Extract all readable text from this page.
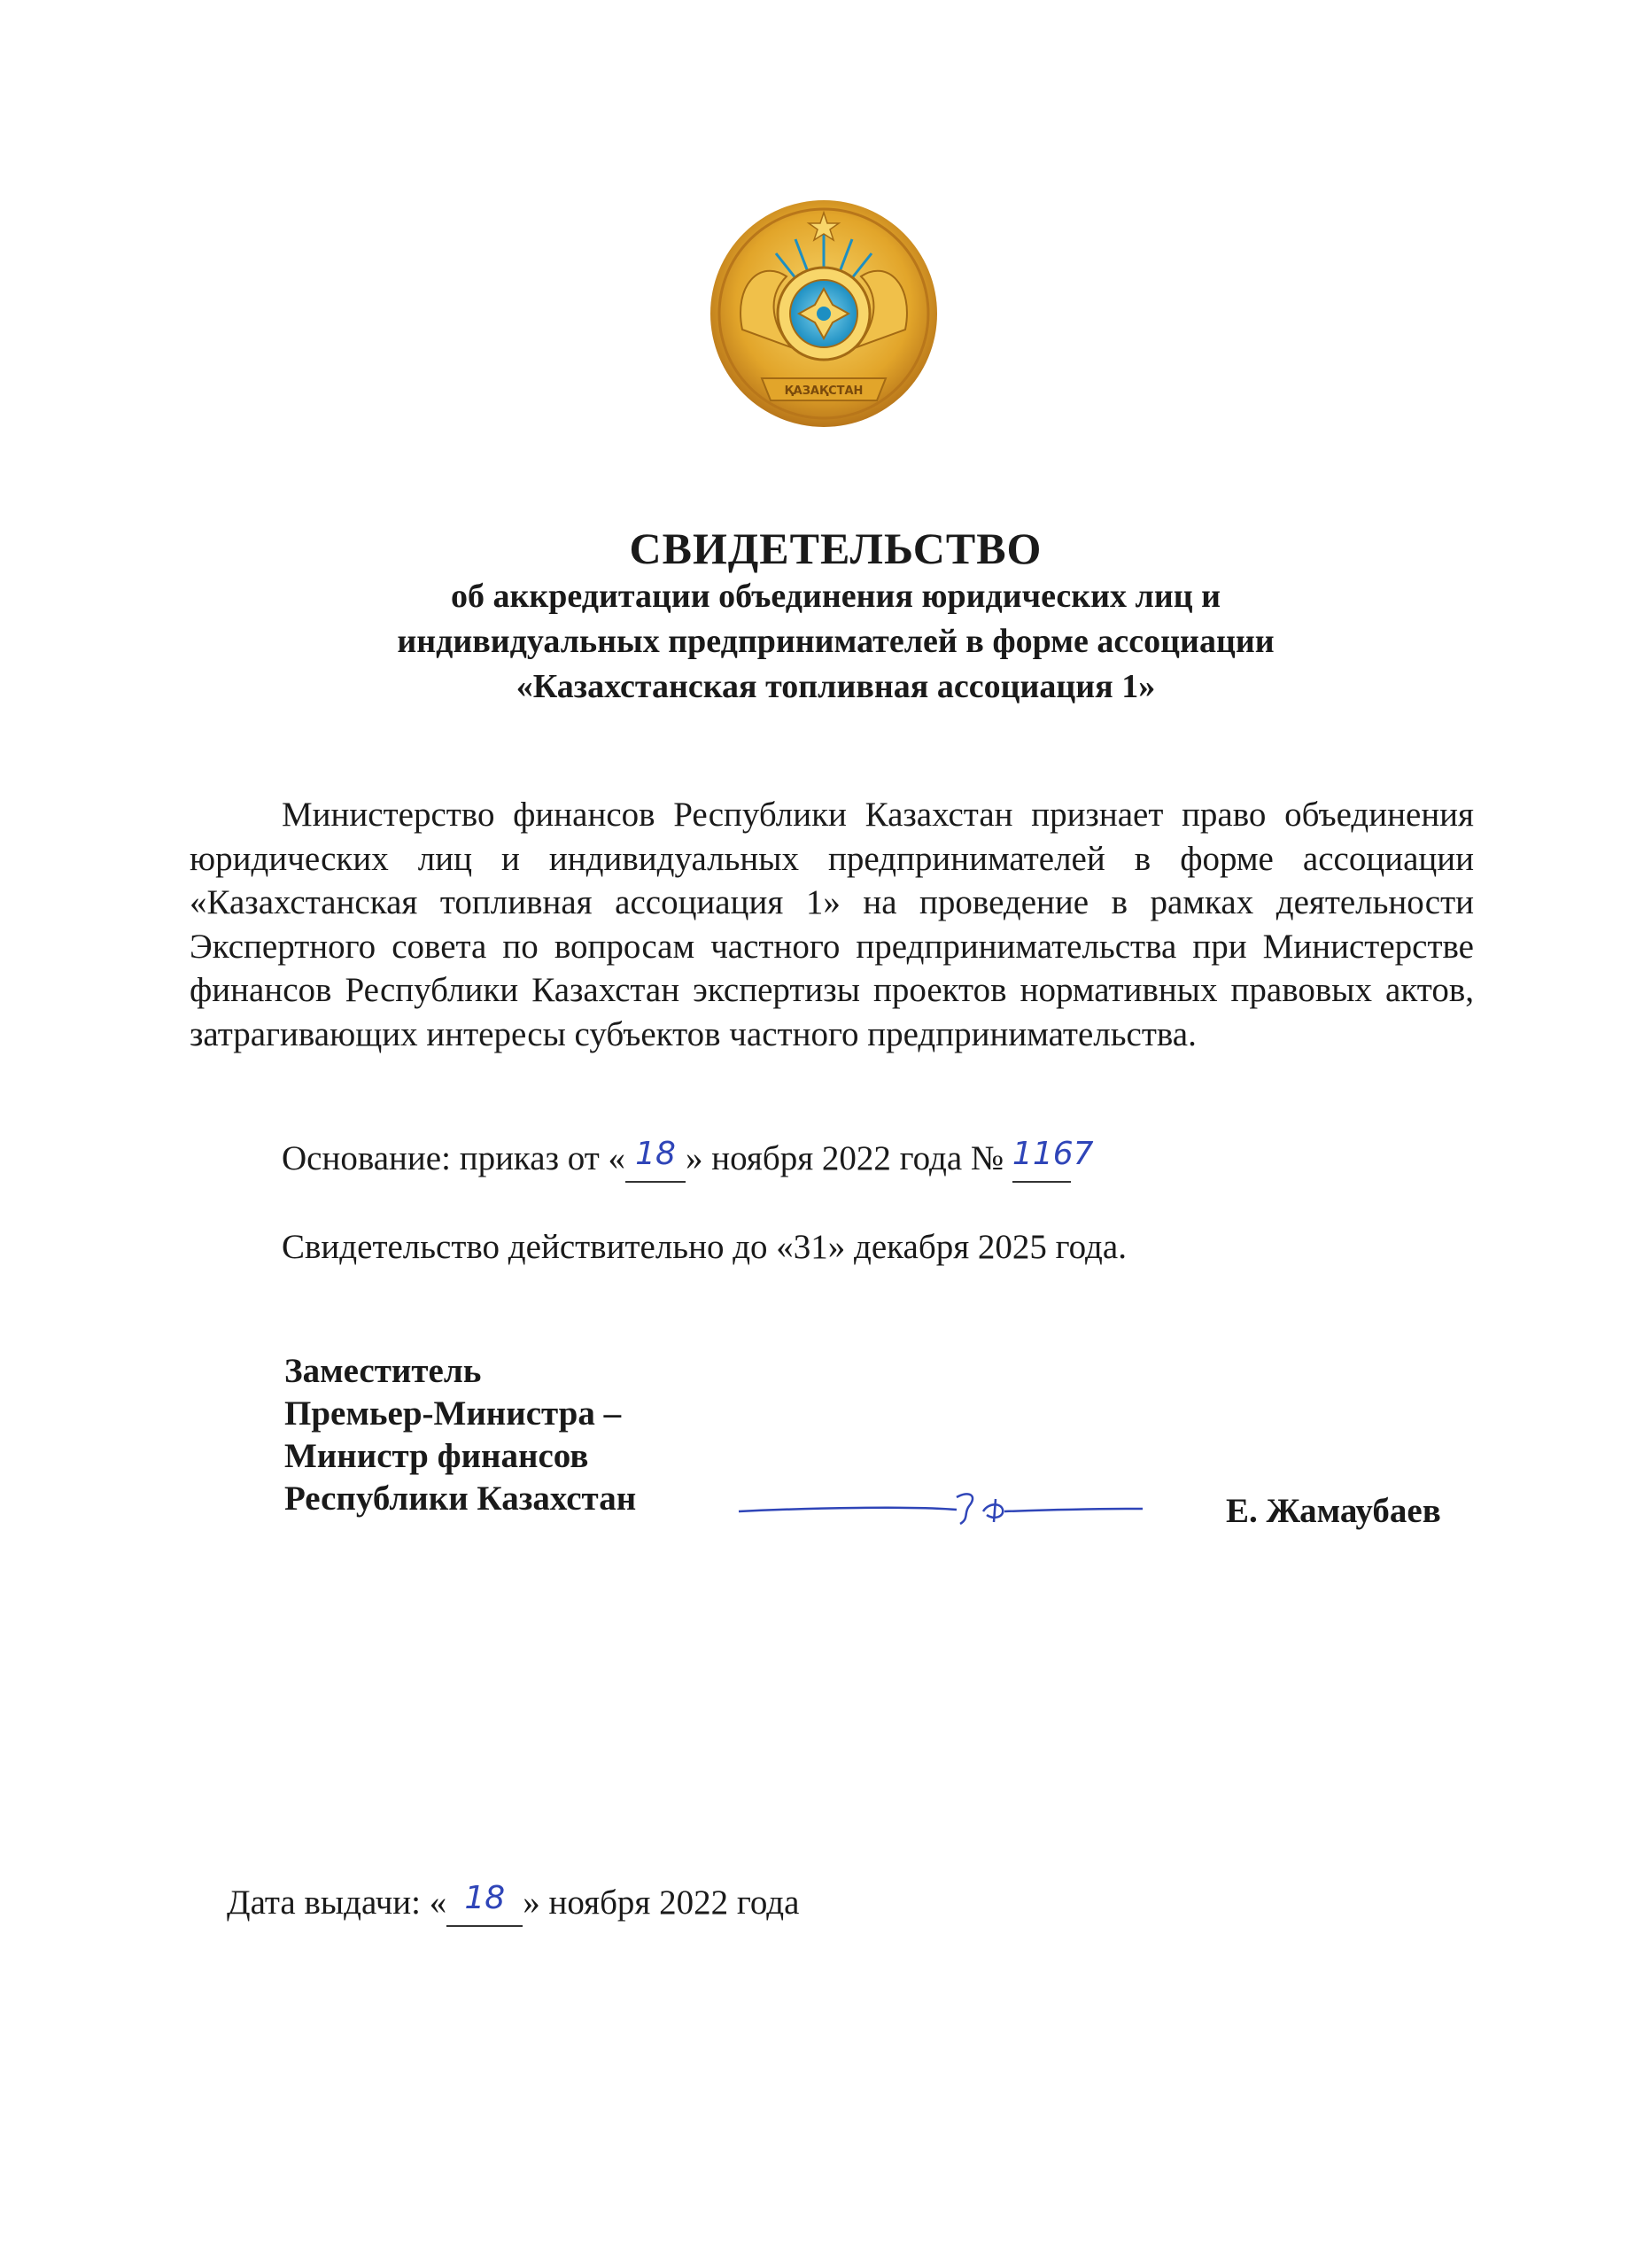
ҚАЗАҚСТАН
СВИДЕТЕЛЬСТВО
об аккредитации объединения юридических лиц и
индивидуальных предпринимателей в форме ассоциации
«Казахстанская топливная ассоциация 1»
Министерство финансов Республики Казахстан признает право объединения юридических лиц и индивидуальных предпринимателей в форме ассоциации «Казахстанская топливная ассоциация 1» на проведение в рамках деятельности Экспертного совета по вопросам частного предпринимательства при Министерстве финансов Республики Казахстан экспертизы проектов нормативных правовых актов, затрагивающих интересы субъектов частного предпринимательства.
Основание: приказ от « 18 » ноября 2022 года № 1167
Свидетельство действительно до «31» декабря 2025 года.
Заместитель
Премьер-Министра –
Министр финансов
Республики Казахстан	Е. Жамаубаев
Дата выдачи: « 18 » ноября 2022 года
